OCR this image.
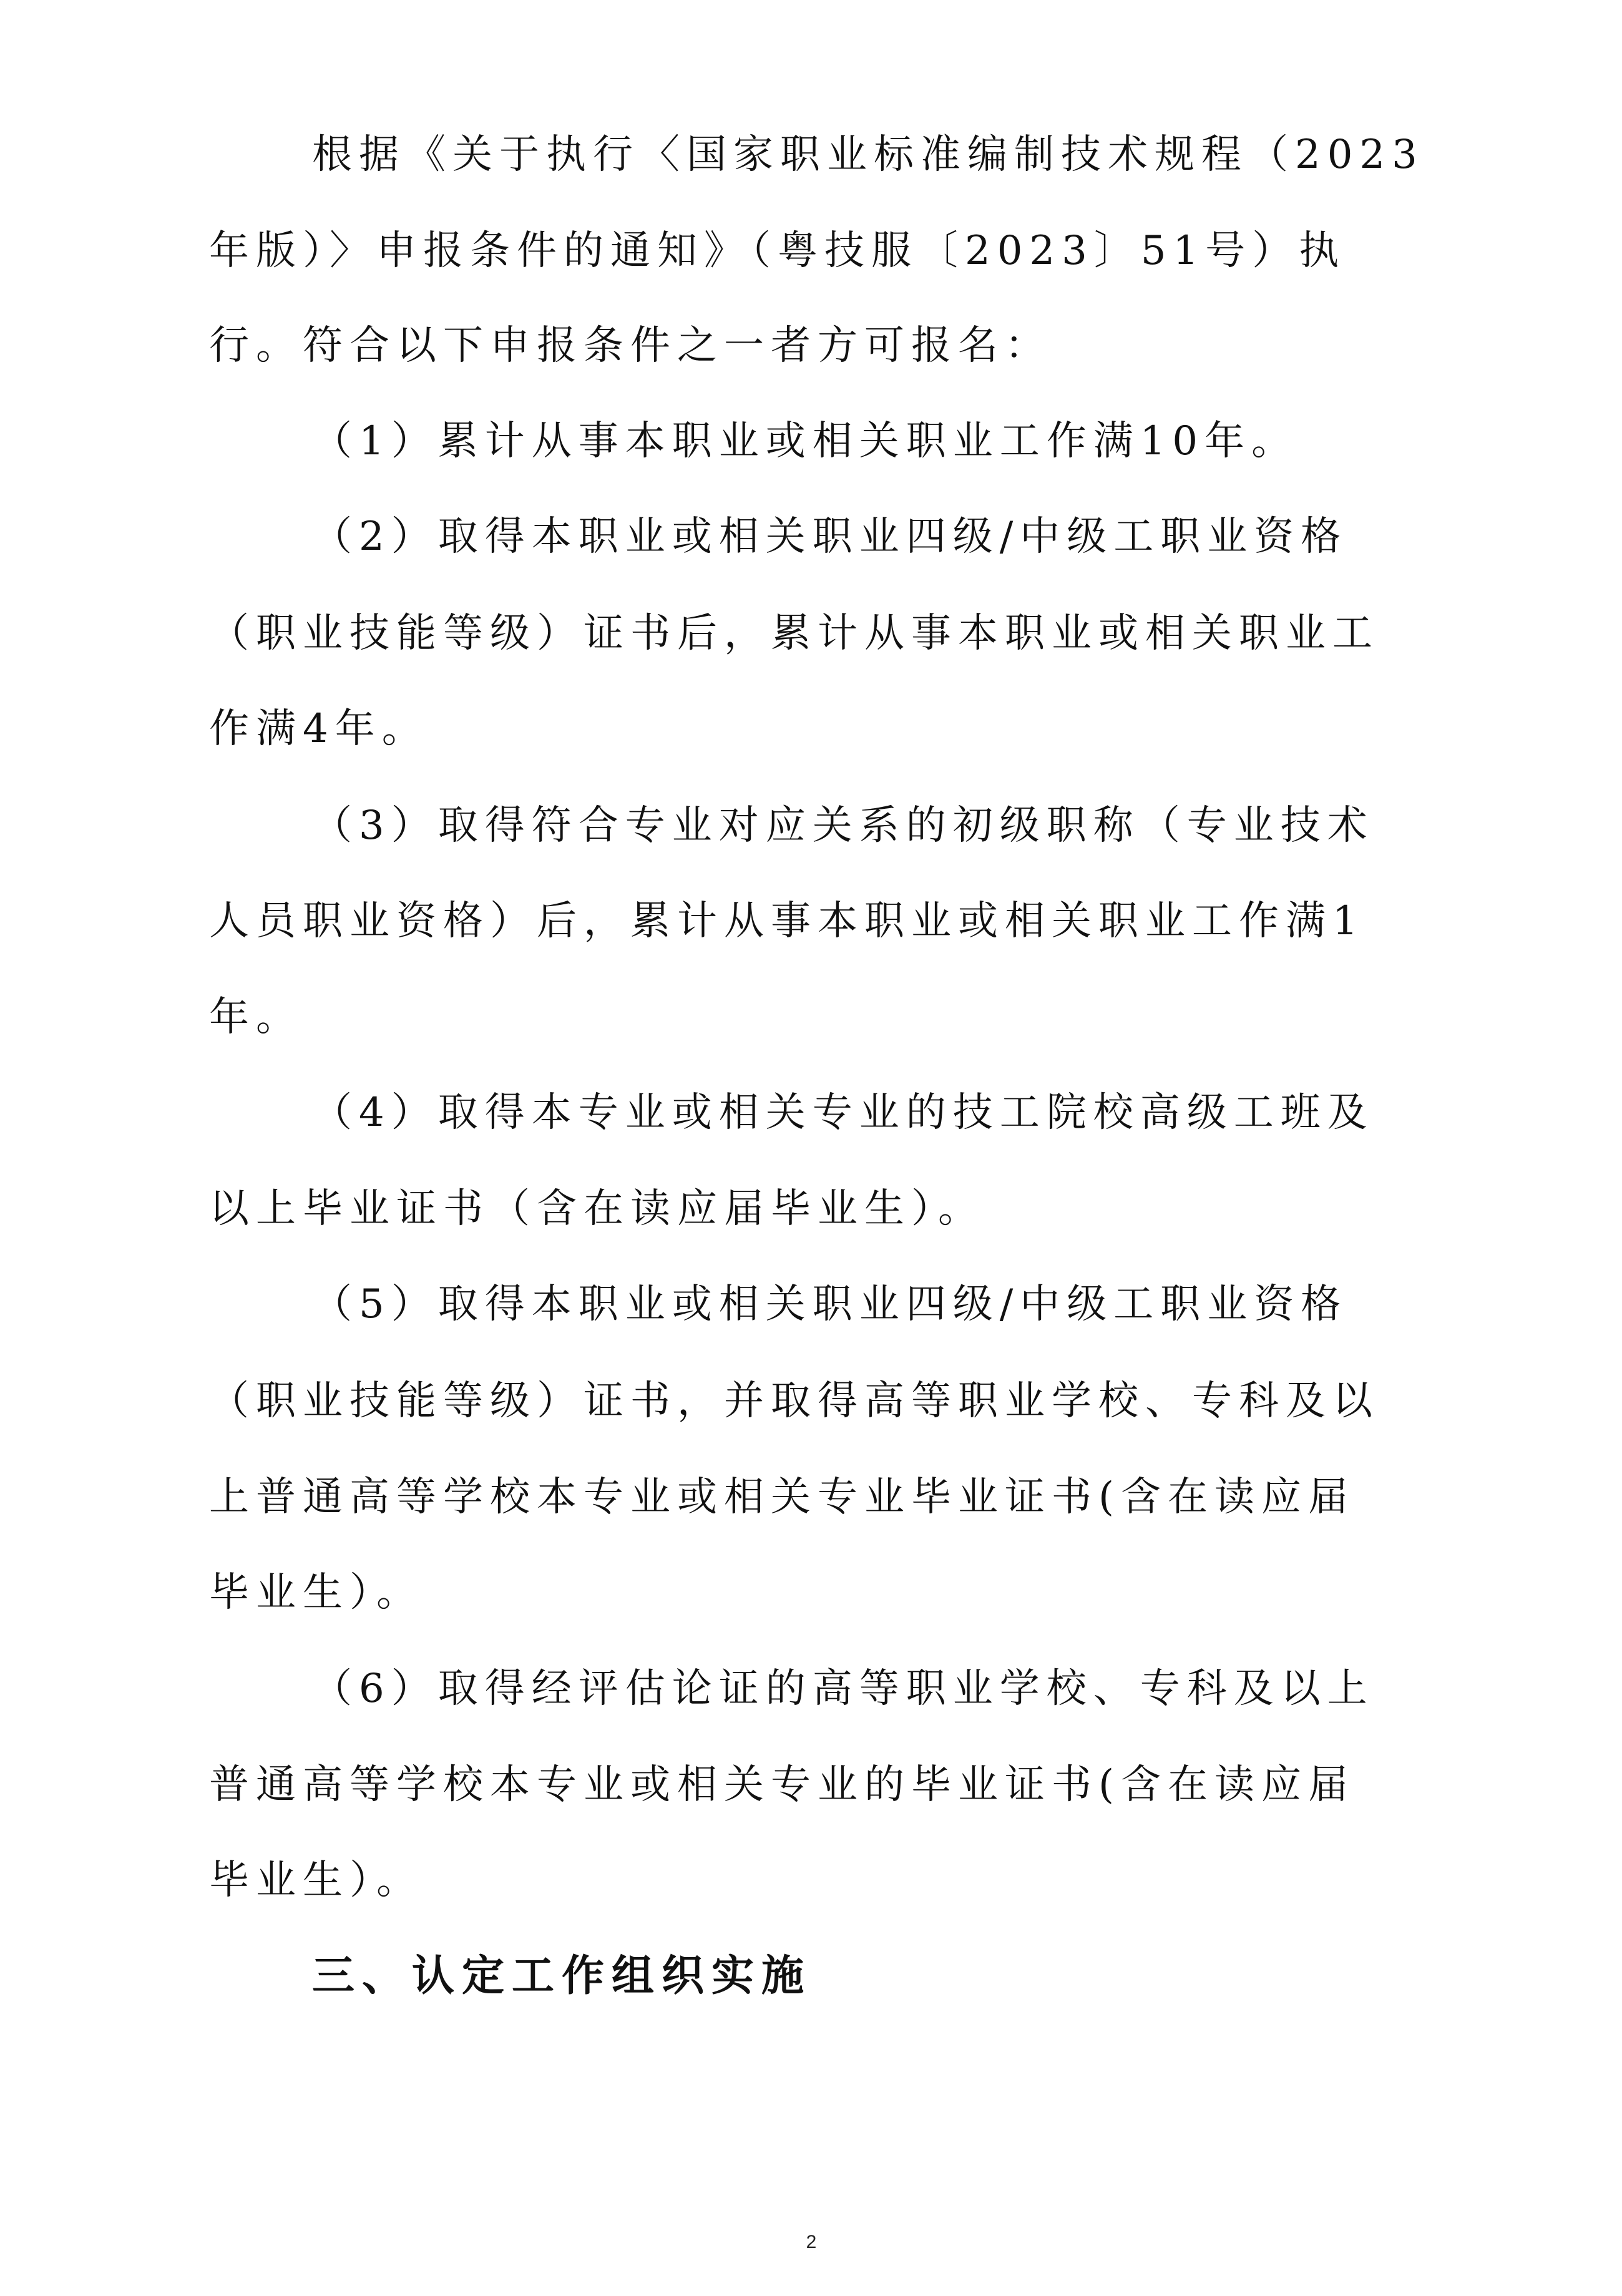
根据《关于执行〈国家职业标准编制技术规程（2023
年版）〉申报条件的通知》（粤技服〔2023〕51号）执
行。符合以下申报条件之一者方可报名：
（1）累计从事本职业或相关职业工作满10年。
（2）取得本职业或相关职业四级/中级工职业资格
（职业技能等级）证书后，累计从事本职业或相关职业工
作满4年。
（3）取得符合专业对应关系的初级职称（专业技术
人员职业资格）后，累计从事本职业或相关职业工作满1
年。
（4）取得本专业或相关专业的技工院校高级工班及
以上毕业证书（含在读应届毕业生）。
（5）取得本职业或相关职业四级/中级工职业资格
（职业技能等级）证书，并取得高等职业学校、专科及以
上普通高等学校本专业或相关专业毕业证书(含在读应届
毕业生）。
（6）取得经评估论证的高等职业学校、专科及以上
普通高等学校本专业或相关专业的毕业证书(含在读应届
毕业生）。
三、认定工作组织实施
2
